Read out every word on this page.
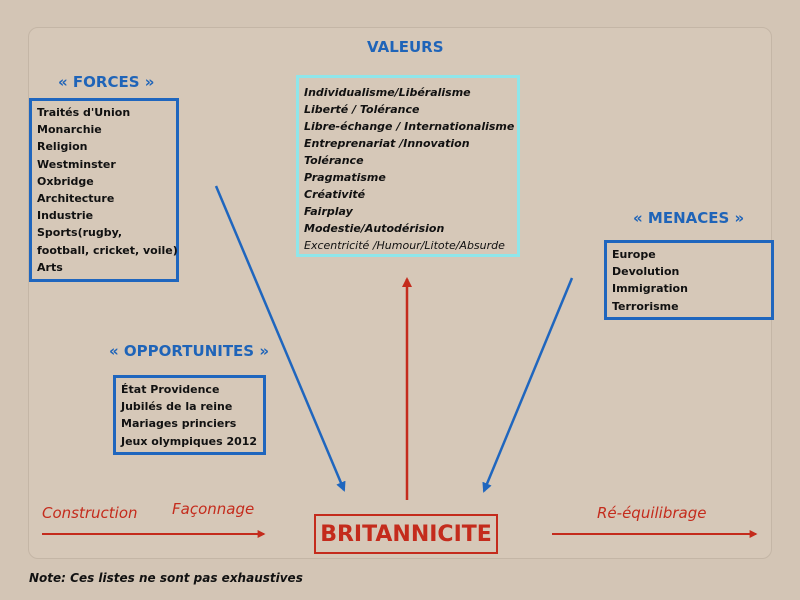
VALEURS
Individualisme/Libéralisme
Liberté / Tolérance
Libre-échange / Internationalisme
Entreprenariat /Innovation
Tolérance
Pragmatisme
Créativité
Fairplay
Modestie/Autodérision
Excentricité /Humour/Litote/Absurde
« FORCES »
Traités d'Union
Monarchie
Religion
Westminster
Oxbridge
Architecture
Industrie
Sports(rugby,
football, cricket, voile)
Arts
« OPPORTUNITES »
État Providence
Jubilés de la reine
Mariages princiers
Jeux olympiques 2012
« MENACES »
Europe
Devolution
Immigration
Terrorisme
Construction Façonnage	Ré-équilibrage
BRITANNICITE
Note: Ces listes ne sont pas exhaustives
